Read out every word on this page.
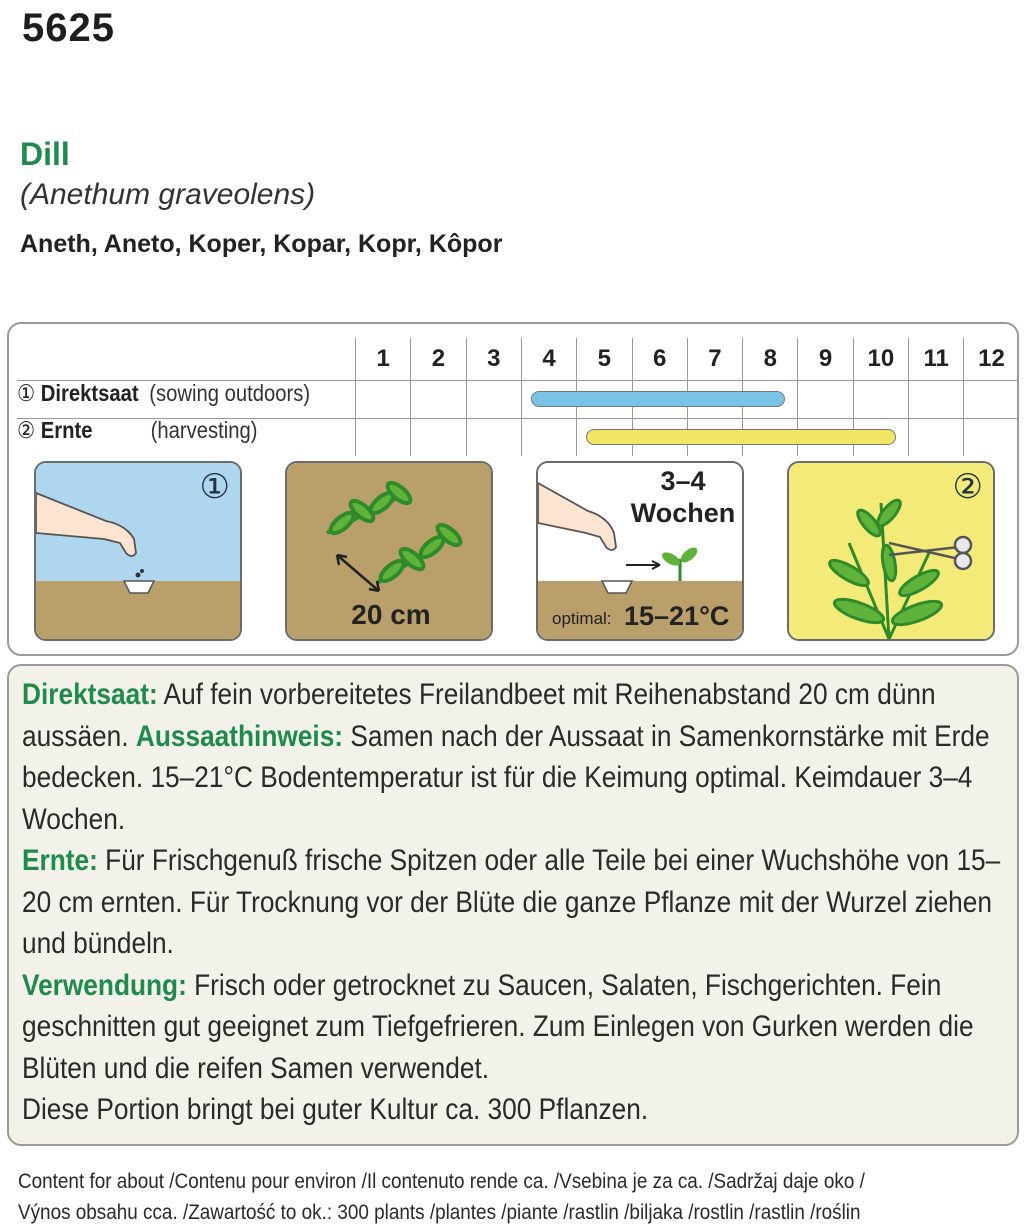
5625
Dill
(Anethum graveolens)
Aneth, Aneto, Koper, Kopar, Kopr, Kôpor
1	2	3	4	5	6	7	8	9	10	11	12
① Direktsaat (sowing outdoors)
② Ernte	(harvesting)
①
20 cm
3–4
Wochen
optimal: 15–21°C
②
Direktsaat: Auf fein vorbereitetes Freilandbeet mit Reihenabstand 20 cm dünn aussäen. Aussaathinweis: Samen nach der Aussaat in Samenkornstärke mit Erde bedecken. 15–21°C Bodentemperatur ist für die Keimung optimal. Keimdauer 3–4 Wochen.
Ernte: Für Frischgenuß frische Spitzen oder alle Teile bei einer Wuchshöhe von 15–20 cm ernten. Für Trocknung vor der Blüte die ganze Pflanze mit der Wurzel ziehen und bündeln.
Verwendung: Frisch oder getrocknet zu Saucen, Salaten, Fischgerichten. Fein geschnitten gut geeignet zum Tiefgefrieren. Zum Einlegen von Gurken werden die Blüten und die reifen Samen verwendet.
Diese Portion bringt bei guter Kultur ca. 300 Pflanzen.
Content for about /Contenu pour environ /Il contenuto rende ca. /Vsebina je za ca. /Sadržaj daje oko /
Výnos obsahu cca. /Zawartość to ok.: 300 plants /plantes /piante /rastlin /biljaka /rostlin /rastlin /roślin
